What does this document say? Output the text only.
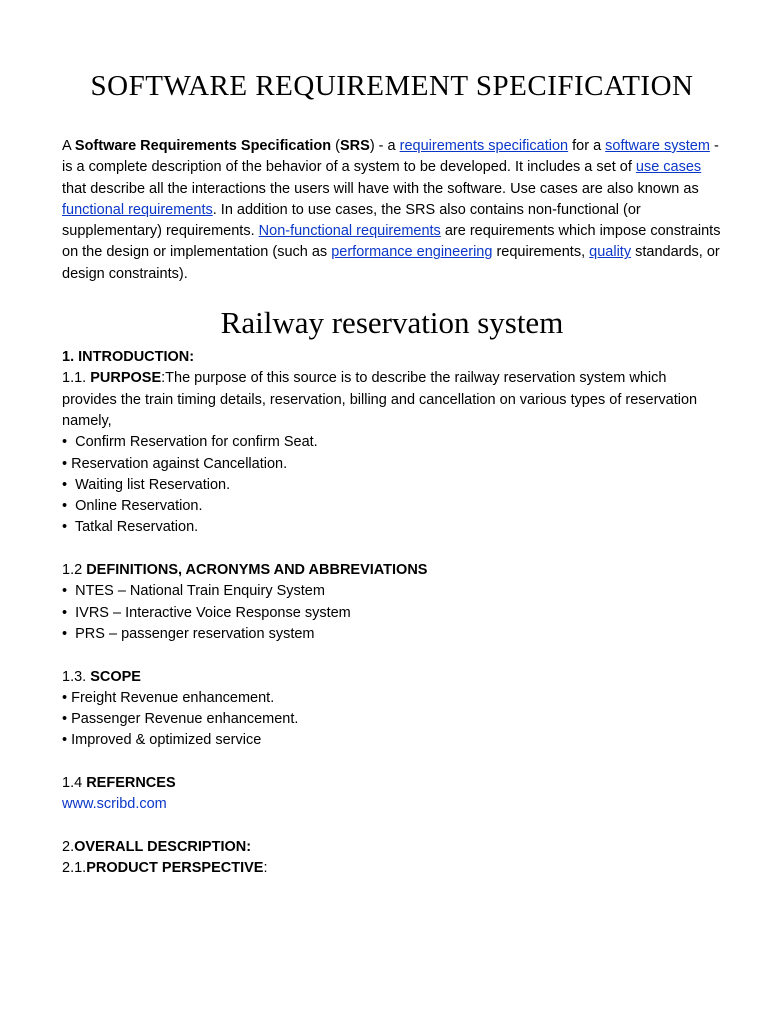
SOFTWARE REQUIREMENT SPECIFICATION

A Software Requirements Specification (SRS) - a requirements specification for a software system - is a complete description of the behavior of a system to be developed. It includes a set of use cases that describe all the interactions the users will have with the software. Use cases are also known as functional requirements. In addition to use cases, the SRS also contains non-functional (or supplementary) requirements. Non-functional requirements are requirements which impose constraints on the design or implementation (such as performance engineering requirements, quality standards, or design constraints).

Railway reservation system

1. INTRODUCTION:

1.1. PURPOSE:The purpose of this source is to describe the railway reservation system which provides the train timing details, reservation, billing and cancellation on various types of reservation namely,

•  Confirm Reservation for confirm Seat.

• Reservation against Cancellation.

•  Waiting list Reservation.

•  Online Reservation.

•  Tatkal Reservation.

1.2 DEFINITIONS, ACRONYMS AND ABBREVIATIONS

•  NTES – National Train Enquiry System

•  IVRS – Interactive Voice Response system

•  PRS – passenger reservation system

1.3. SCOPE

• Freight Revenue enhancement.

• Passenger Revenue enhancement.

• Improved & optimized service

1.4 REFERNCES

www.scribd.com

2.OVERALL DESCRIPTION:

2.1.PRODUCT PERSPECTIVE:
